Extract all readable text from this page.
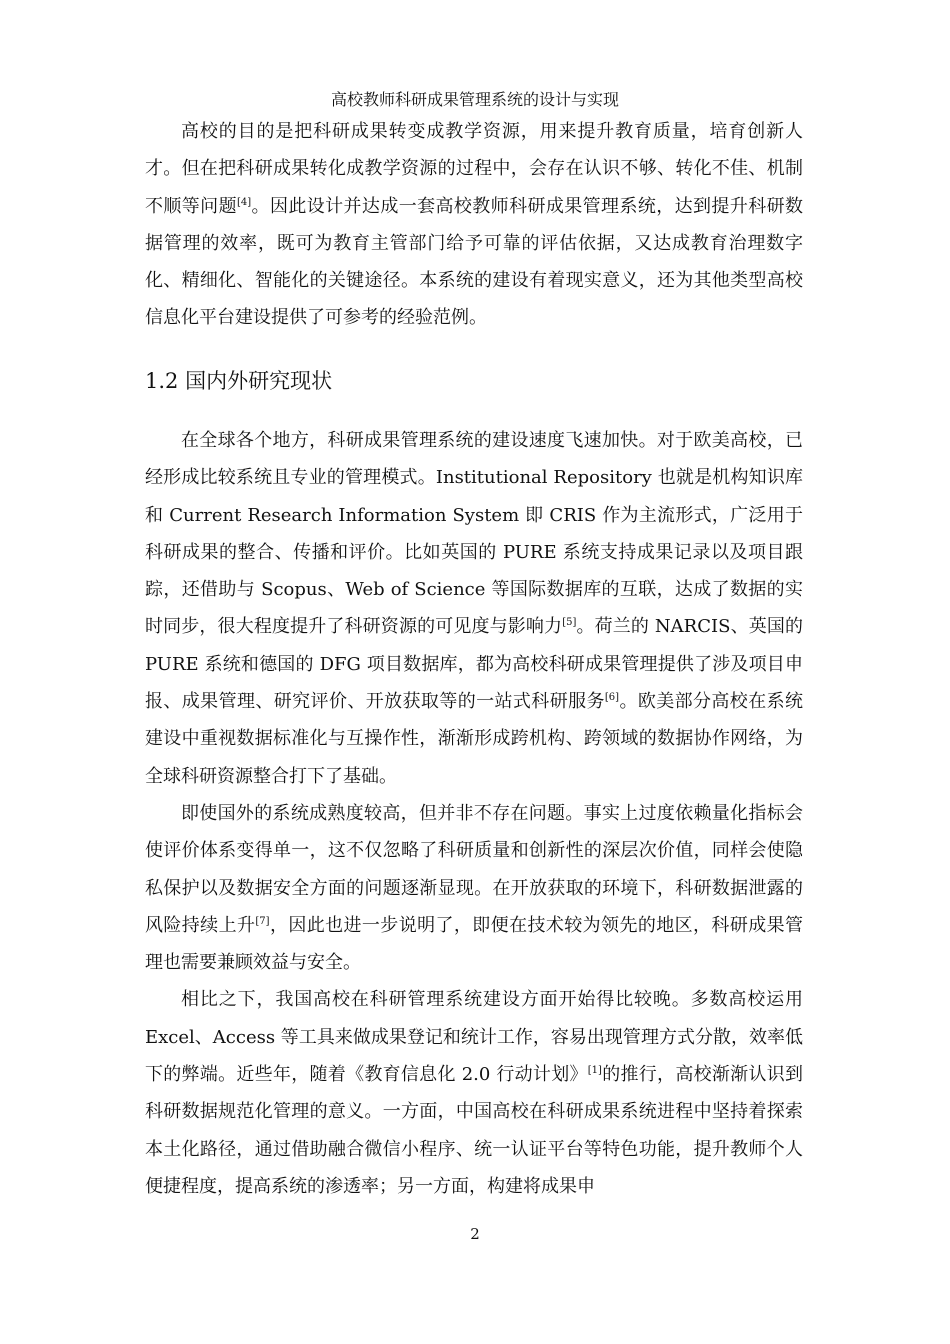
高校教师科研成果管理系统的设计与实现

高校的目的是把科研成果转变成教学资源，用来提升教育质量，培育创新人才。但在把科研成果转化成教学资源的过程中，会存在认识不够、转化不佳、机制不顺等问题[4]。因此设计并达成一套高校教师科研成果管理系统，达到提升科研数据管理的效率，既可为教育主管部门给予可靠的评估依据，又达成教育治理数字化、精细化、智能化的关键途径。本系统的建设有着现实意义，还为其他类型高校信息化平台建设提供了可参考的经验范例。

1.2 国内外研究现状

在全球各个地方，科研成果管理系统的建设速度飞速加快。对于欧美高校，已经形成比较系统且专业的管理模式。Institutional Repository 也就是机构知识库和 Current Research Information System 即 CRIS 作为主流形式，广泛用于科研成果的整合、传播和评价。比如英国的 PURE 系统支持成果记录以及项目跟踪，还借助与 Scopus、Web of Science 等国际数据库的互联，达成了数据的实时同步，很大程度提升了科研资源的可见度与影响力[5]。荷兰的 NARCIS、英国的 PURE 系统和德国的 DFG 项目数据库，都为高校科研成果管理提供了涉及项目申报、成果管理、研究评价、开放获取等的一站式科研服务[6]。欧美部分高校在系统建设中重视数据标准化与互操作性，渐渐形成跨机构、跨领域的数据协作网络，为全球科研资源整合打下了基础。

即使国外的系统成熟度较高，但并非不存在问题。事实上过度依赖量化指标会使评价体系变得单一，这不仅忽略了科研质量和创新性的深层次价值，同样会使隐私保护以及数据安全方面的问题逐渐显现。在开放获取的环境下，科研数据泄露的风险持续上升[7]，因此也进一步说明了，即便在技术较为领先的地区，科研成果管理也需要兼顾效益与安全。

相比之下，我国高校在科研管理系统建设方面开始得比较晚。多数高校运用 Excel、Access 等工具来做成果登记和统计工作，容易出现管理方式分散，效率低下的弊端。近些年，随着《教育信息化 2.0 行动计划》[1]的推行，高校渐渐认识到科研数据规范化管理的意义。一方面，中国高校在科研成果系统进程中坚持着探索本土化路径，通过借助融合微信小程序、统一认证平台等特色功能，提升教师个人便捷程度，提高系统的渗透率；另一方面，构建将成果申

2
